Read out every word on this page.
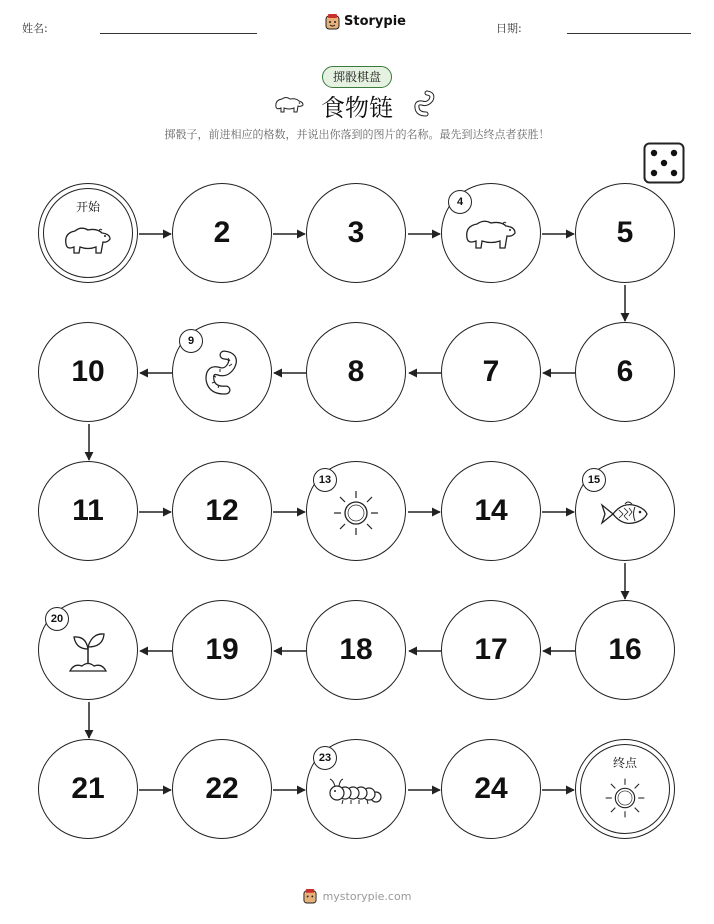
姓名:	Storypie	日期:
掷骰棋盘
食物链
掷骰子，前进相应的格数，并说出你落到的图片的名称。最先到达终点者获胜！
开始
2	3
4
5
10
9
8	7	6
11	12
13
14
15
20
19	18	17	16
21	22
23
24
终点
mystorypie.com
